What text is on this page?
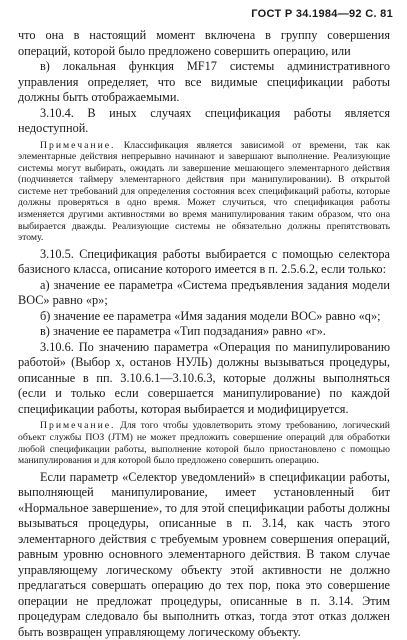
ГОСТ Р 34.1984—92 С. 81

что она в настоящий момент включена в группу совершения операций, которой было предложено совершить операцию, или

в) локальная функция MF17 системы административного управления определяет, что все видимые спецификации работы должны быть отображаемыми.

3.10.4. В иных случаях спецификация работы является недоступной.

Примечание. Классификация является зависимой от времени, так как элементарные действия непрерывно начинают и завершают выполнение. Реализующие системы могут выбирать, ожидать ли завершение мешающего элементарного действия (подчиняется таймеру элементарного действия при манипулировании). В открытой системе нет требований для определения состояния всех спецификаций работы, которые должны проверяться в одно время. Может случиться, что спецификация работы изменяется другими активностями во время манипулирования таким образом, что она выбирается дважды. Реализующие системы не обязательно должны препятствовать этому.

3.10.5. Спецификация работы выбирается с помощью селектора базисного класса, описание которого имеется в п. 2.5.6.2, если только:

а) значение ее параметра «Система предъявления задания модели ВОС» равно «р»;

б) значение ее параметра «Имя задания модели ВОС» равно «q»;

в) значение ее параметра «Тип подзадания» равно «г».

3.10.6. По значению параметра «Операция по манипулированию работой» (Выбор х, останов НУЛЬ) должны вызываться процедуры, описанные в пп. 3.10.6.1—3.10.6.3, которые должны выполняться (если и только если совершается манипулирование) по каждой спецификации работы, которая выбирается и модифицируется.

Примечание. Для того чтобы удовлетворить этому требованию, логический объект службы ПОЗ (JTM) не может предложить совершение операций для обработки любой спецификации работы, выполнение которой было приостановлено с помощью манипулирования и для которой было предложено совершить операцию.

Если параметр «Селектор уведомлений» в спецификации работы, выполняющей манипулирование, имеет установленный бит «Нормальное завершение», то для этой спецификации работы должны вызываться процедуры, описанные в п. 3.14, как часть этого элементарного действия с требуемым уровнем совершения операций, равным уровню основного элементарного действия. В таком случае управляющему логическому объекту этой активности не должно предлагаться совершать операцию до тех пор, пока это совершение операции не предложат процедуры, описанные в п. 3.14. Этим процедурам следовало бы выполнить отказ, тогда этот отказ должен быть возвращен управляющему логическому объекту.
